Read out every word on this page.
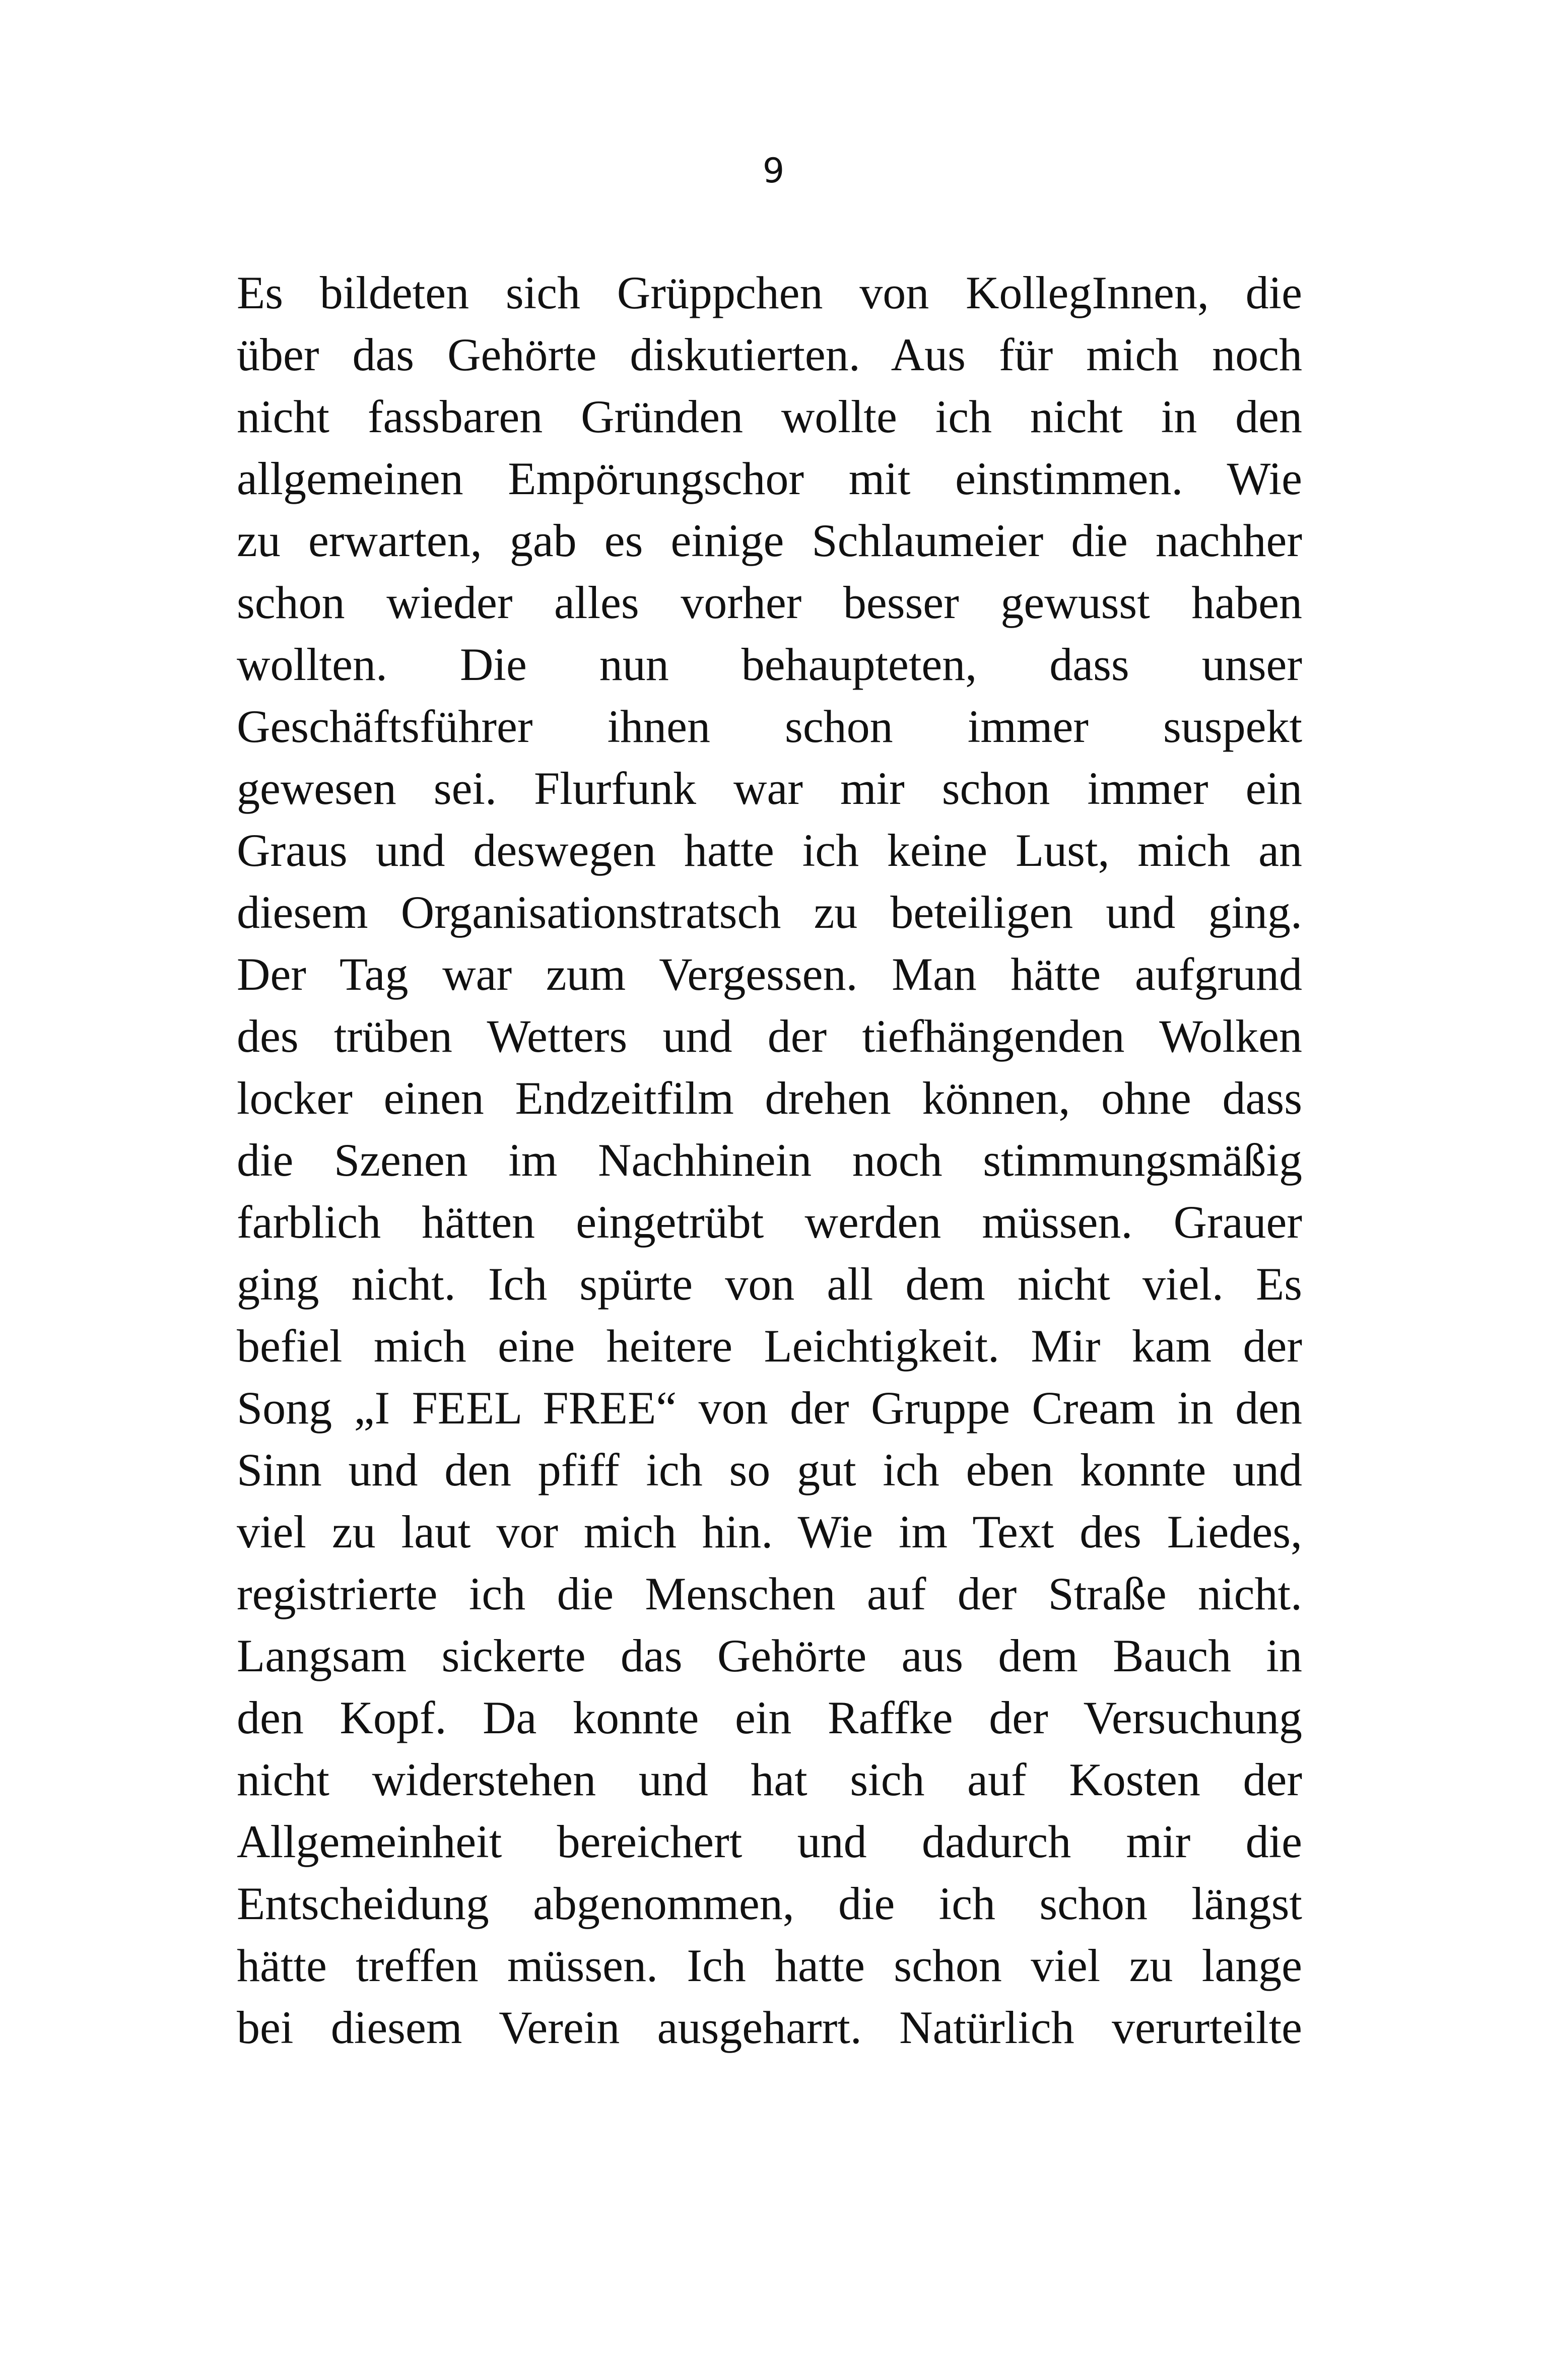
9
Es bildeten sich Grüppchen von KollegInnen, die
über das Gehörte diskutierten. Aus für mich noch
nicht fassbaren Gründen wollte ich nicht in den
allgemeinen Empörungschor mit einstimmen. Wie
zu erwarten, gab es einige Schlaumeier die nachher
schon wieder alles vorher besser gewusst haben
wollten. Die nun behaupteten, dass unser
Geschäftsführer ihnen schon immer suspekt
gewesen sei. Flurfunk war mir schon immer ein
Graus und deswegen hatte ich keine Lust, mich an
diesem Organisationstratsch zu beteiligen und ging.
Der Tag war zum Vergessen. Man hätte aufgrund
des trüben Wetters und der tiefhängenden Wolken
locker einen Endzeitfilm drehen können, ohne dass
die Szenen im Nachhinein noch stimmungsmäßig
farblich hätten eingetrübt werden müssen. Grauer
ging nicht. Ich spürte von all dem nicht viel. Es
befiel mich eine heitere Leichtigkeit. Mir kam der
Song „I FEEL FREE“ von der Gruppe Cream in den
Sinn und den pfiff ich so gut ich eben konnte und
viel zu laut vor mich hin. Wie im Text des Liedes,
registrierte ich die Menschen auf der Straße nicht.
Langsam sickerte das Gehörte aus dem Bauch in
den Kopf. Da konnte ein Raffke der Versuchung
nicht widerstehen und hat sich auf Kosten der
Allgemeinheit bereichert und dadurch mir die
Entscheidung abgenommen, die ich schon längst
hätte treffen müssen. Ich hatte schon viel zu lange
bei diesem Verein ausgeharrt. Natürlich verurteilte
